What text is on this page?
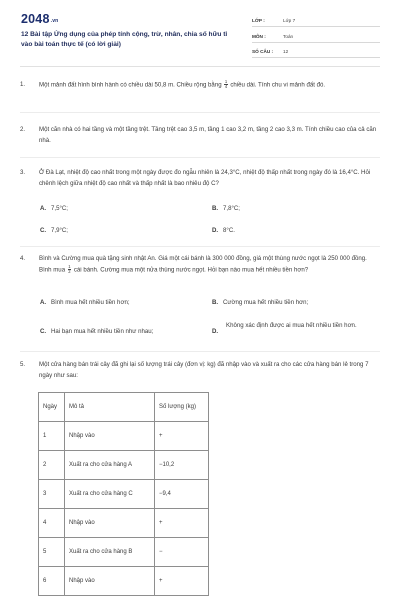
2048.vn
12 Bài tập Ứng dụng của phép tính cộng, trừ, nhân, chia số hữu tỉ vào bài toán thực tế (có lời giải)
LỚP :	Lớp 7
MÔN :	Toán
SỐ CÂU : 12
1.	Một mảnh đất hình bình hành có chiều dài 50,8 m. Chiều rộng bằng $\frac{1}{4}$ chiều dài. Tính chu vi mảnh đất đó.
2.	Một căn nhà có hai tầng và một tầng trệt. Tầng trệt cao 3,5 m, tầng 1 cao 3,2 m, tầng 2 cao 3,3 m. Tính chiều cao của cả căn nhà.
3.	Ở Đà Lạt, nhiệt độ cao nhất trong một ngày được đo ngẫu nhiên là 24,3°C, nhiệt độ thấp nhất trong ngày đó là 16,4°C. Hỏi chênh lệch giữa nhiệt độ cao nhất và thấp nhất là bao nhiêu độ C?
A. 7,5°C;	B. 7,8°C;
C. 7,9°C;	D. 8°C.
4.	Bình và Cường mua quà tặng sinh nhật An. Giá một cái bánh là 300 000 đồng, giá một thùng nước ngọt là 250 000 đồng. Bình mua $\frac{1}{2}$ cái bánh. Cường mua một nửa thùng nước ngọt. Hỏi bạn nào mua hết nhiều tiền hơn?
A. Bình mua hết nhiều tiền hơn;	B. Cường mua hết nhiều tiền hơn;
C. Hai bạn mua hết nhiều tiền như nhau;	D.
Không xác định được ai mua hết nhiều tiền hơn.
5.	Một cửa hàng bán trái cây đã ghi lại số lượng trái cây (đơn vị: kg) đã nhập vào và xuất ra cho các cửa hàng bán lẻ trong 7 ngày như sau:
Ngày	Mô tả	Số lượng (kg)
1	Nhập vào	+
2	Xuất ra cho cửa hàng A	−10,2
3	Xuất ra cho cửa hàng C	−9,4
4	Nhập vào	+
5	Xuất ra cho cửa hàng B	−
6	Nhập vào	+
